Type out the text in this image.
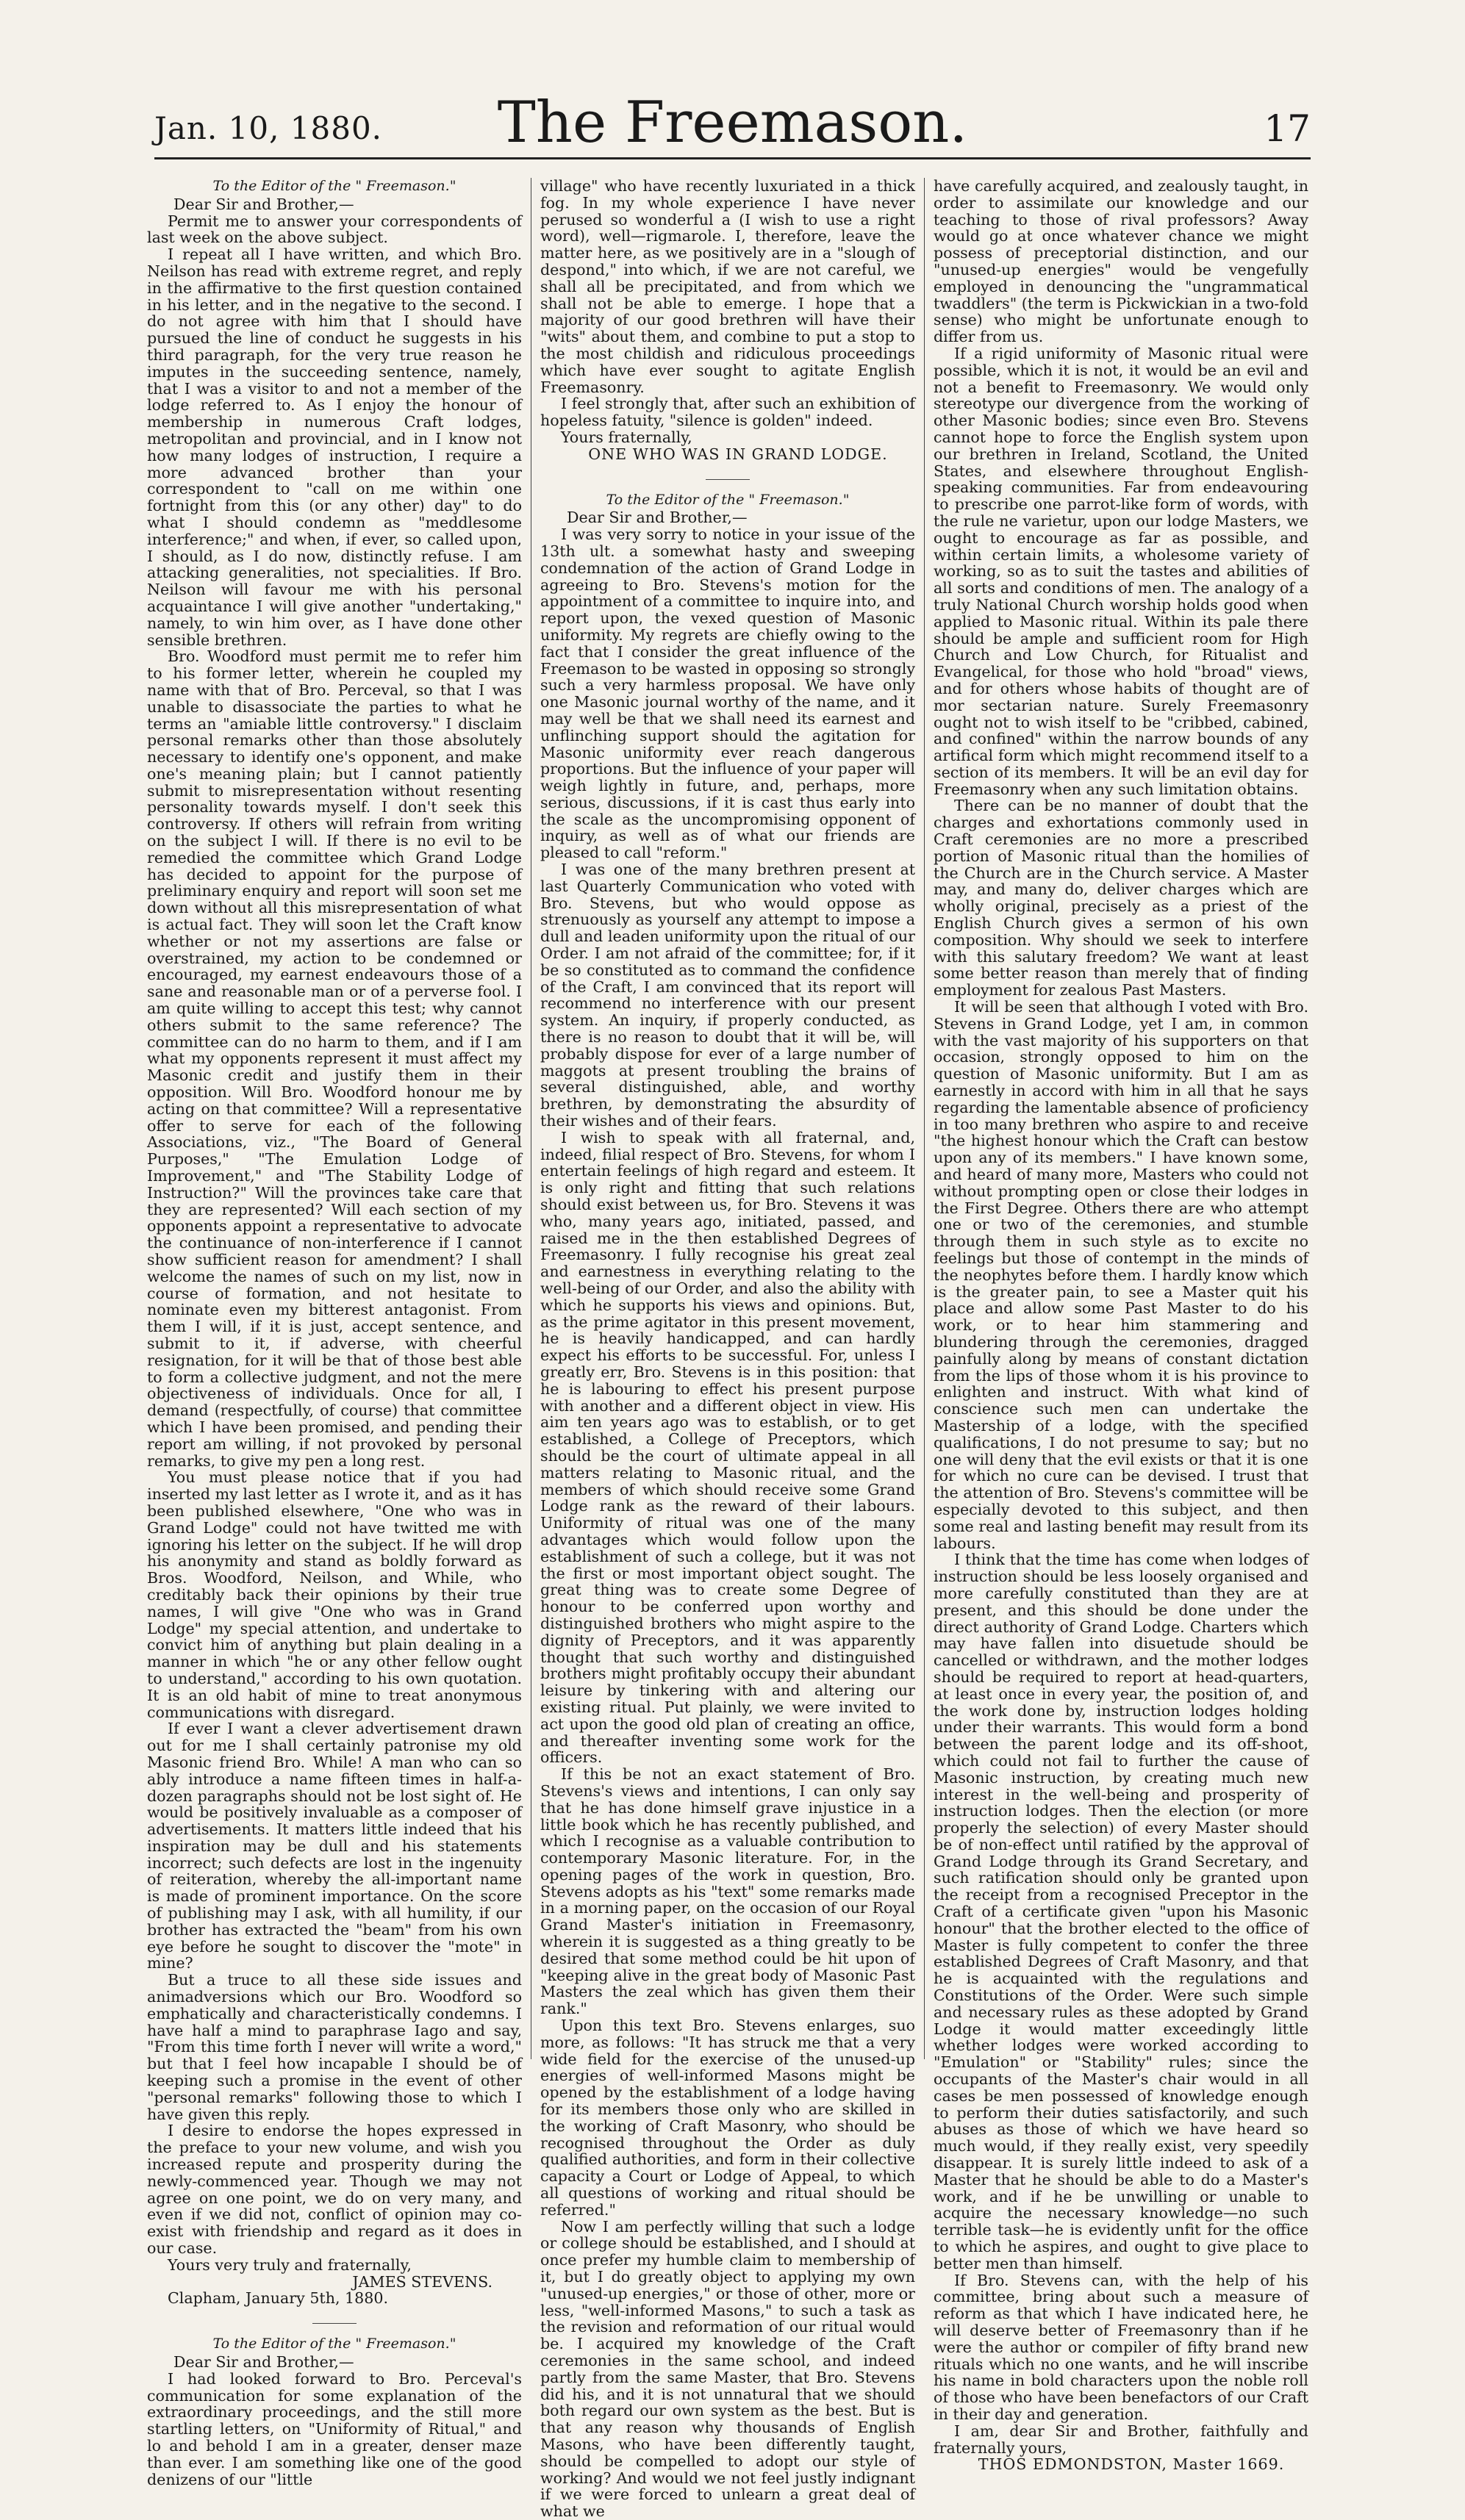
Jan. 10, 1880.	The Freemason.	17
To the Editor of the " Freemason."
Dear Sir and Brother,—

Permit me to answer your correspondents of last week on the above subject.

I repeat all I have written, and which Bro. Neilson has read with extreme regret, and reply in the affirmative to the first question contained in his letter, and in the negative to the second. I do not agree with him that I should have pursued the line of conduct he suggests in his third paragraph, for the very true reason he imputes in the succeeding sentence, namely, that I was a visitor to and not a member of the lodge referred to. As I enjoy the honour of membership in numerous Craft lodges, metropolitan and provincial, and in I know not how many lodges of instruction, I require a more advanced brother than your correspondent to "call on me within one fortnight from this (or any other) day" to do what I should condemn as "meddlesome interference;" and when, if ever, so called upon, I should, as I do now, distinctly refuse. I am attacking generalities, not specialities. If Bro. Neilson will favour me with his personal acquaintance I will give another "undertaking," namely, to win him over, as I have done other sensible brethren.

Bro. Woodford must permit me to refer him to his former letter, wherein he coupled my name with that of Bro. Perceval, so that I was unable to disassociate the parties to what he terms an "amiable little controversy." I disclaim personal remarks other than those absolutely necessary to identify one's opponent, and make one's meaning plain; but I cannot patiently submit to misrepresentation without resenting personality towards myself. I don't seek this controversy. If others will refrain from writing on the subject I will. If there is no evil to be remedied the committee which Grand Lodge has decided to appoint for the purpose of preliminary enquiry and report will soon set me down without all this misrepresentation of what is actual fact. They will soon let the Craft know whether or not my assertions are false or overstrained, my action to be condemned or encouraged, my earnest endeavours those of a sane and reasonable man or of a perverse fool. I am quite willing to accept this test; why cannot others submit to the same reference? The committee can do no harm to them, and if I am what my opponents represent it must affect my Masonic credit and justify them in their opposition. Will Bro. Woodford honour me by acting on that committee? Will a representative offer to serve for each of the following Associations, viz., "The Board of General Purposes," "The Emulation Lodge of Improvement," and "The Stability Lodge of Instruction?" Will the provinces take care that they are represented? Will each section of my opponents appoint a representative to advocate the continuance of non-interference if I cannot show sufficient reason for amendment? I shall welcome the names of such on my list, now in course of formation, and not hesitate to nominate even my bitterest antagonist. From them I will, if it is just, accept sentence, and submit to it, if adverse, with cheerful resignation, for it will be that of those best able to form a collective judgment, and not the mere objectiveness of individuals. Once for all, I demand (respectfully, of course) that committee which I have been promised, and pending their report am willing, if not provoked by personal remarks, to give my pen a long rest.

You must please notice that if you had inserted my last letter as I wrote it, and as it has been published elsewhere, "One who was in Grand Lodge" could not have twitted me with ignoring his letter on the subject. If he will drop his anonymity and stand as boldly forward as Bros. Woodford, Neilson, and While, who creditably back their opinions by their true names, I will give "One who was in Grand Lodge" my special attention, and undertake to convict him of anything but plain dealing in a manner in which "he or any other fellow ought to understand," according to his own quotation. It is an old habit of mine to treat anonymous communications with disregard.

If ever I want a clever advertisement drawn out for me I shall certainly patronise my old Masonic friend Bro. While! A man who can so ably introduce a name fifteen times in half-a-dozen paragraphs should not be lost sight of. He would be positively invaluable as a composer of advertisements. It matters little indeed that his inspiration may be dull and his statements incorrect; such defects are lost in the ingenuity of reiteration, whereby the all-important name is made of prominent importance. On the score of publishing may I ask, with all humility, if our brother has extracted the "beam" from his own eye before he sought to discover the "mote" in mine?

But a truce to all these side issues and animadversions which our Bro. Woodford so emphatically and characteristically condemns. I have half a mind to paraphrase Iago and say, "From this time forth I never will write a word," but that I feel how incapable I should be of keeping such a promise in the event of other "personal remarks" following those to which I have given this reply.

I desire to endorse the hopes expressed in the preface to your new volume, and wish you increased repute and prosperity during the newly-commenced year. Though we may not agree on one point, we do on very many, and even if we did not, conflict of opinion may co-exist with friendship and regard as it does in our case.

Yours very truly and fraternally,

JAMES STEVENS.

Clapham, January 5th, 1880.

To the Editor of the " Freemason."
Dear Sir and Brother,—

I had looked forward to Bro. Perceval's communication for some explanation of the extraordinary proceedings, and the still more startling letters, on "Uniformity of Ritual," and lo and behold I am in a greater, denser maze than ever. I am something like one of the good denizens of our "little

village" who have recently luxuriated in a thick fog. In my whole experience I have never perused so wonderful a (I wish to use a right word), well—rigmarole. I, therefore, leave the matter here, as we positively are in a "slough of despond," into which, if we are not careful, we shall all be precipitated, and from which we shall not be able to emerge. I hope that a majority of our good brethren will have their "wits" about them, and combine to put a stop to the most childish and ridiculous proceedings which have ever sought to agitate English Freemasonry.

I feel strongly that, after such an exhibition of hopeless fatuity, "silence is golden" indeed.

Yours fraternally,

ONE WHO WAS IN GRAND LODGE.

To the Editor of the " Freemason."
Dear Sir and Brother,—

I was very sorry to notice in your issue of the 13th ult. a somewhat hasty and sweeping condemnation of the action of Grand Lodge in agreeing to Bro. Stevens's motion for the appointment of a committee to inquire into, and report upon, the vexed question of Masonic uniformity. My regrets are chiefly owing to the fact that I consider the great influence of the Freemason to be wasted in opposing so strongly such a very harmless proposal. We have only one Masonic journal worthy of the name, and it may well be that we shall need its earnest and unflinching support should the agitation for Masonic uniformity ever reach dangerous proportions. But the influence of your paper will weigh lightly in future, and, perhaps, more serious, discussions, if it is cast thus early into the scale as the uncompromising opponent of inquiry, as well as of what our friends are pleased to call "reform."

I was one of the many brethren present at last Quarterly Communication who voted with Bro. Stevens, but who would oppose as strenuously as yourself any attempt to impose a dull and leaden uniformity upon the ritual of our Order. I am not afraid of the committee; for, if it be so constituted as to command the confidence of the Craft, I am convinced that its report will recommend no interference with our present system. An inquiry, if properly conducted, as there is no reason to doubt that it will be, will probably dispose for ever of a large number of maggots at present troubling the brains of several distinguished, able, and worthy brethren, by demonstrating the absurdity of their wishes and of their fears.

I wish to speak with all fraternal, and, indeed, filial respect of Bro. Stevens, for whom I entertain feelings of high regard and esteem. It is only right and fitting that such relations should exist between us, for Bro. Stevens it was who, many years ago, initiated, passed, and raised me in the then established Degrees of Freemasonry. I fully recognise his great zeal and earnestness in everything relating to the well-being of our Order, and also the ability with which he supports his views and opinions. But, as the prime agitator in this present movement, he is heavily handicapped, and can hardly expect his efforts to be successful. For, unless I greatly err, Bro. Stevens is in this position: that he is labouring to effect his present purpose with another and a different object in view. His aim ten years ago was to establish, or to get established, a College of Preceptors, which should be the court of ultimate appeal in all matters relating to Masonic ritual, and the members of which should receive some Grand Lodge rank as the reward of their labours. Uniformity of ritual was one of the many advantages which would follow upon the establishment of such a college, but it was not the first or most important object sought. The great thing was to create some Degree of honour to be conferred upon worthy and distinguished brothers who might aspire to the dignity of Preceptors, and it was apparently thought that such worthy and distinguished brothers might profitably occupy their abundant leisure by tinkering with and altering our existing ritual. Put plainly, we were invited to act upon the good old plan of creating an office, and thereafter inventing some work for the officers.

If this be not an exact statement of Bro. Stevens's views and intentions, I can only say that he has done himself grave injustice in a little book which he has recently published, and which I recognise as a valuable contribution to contemporary Masonic literature. For, in the opening pages of the work in question, Bro. Stevens adopts as his "text" some remarks made in a morning paper, on the occasion of our Royal Grand Master's initiation in Freemasonry, wherein it is suggested as a thing greatly to be desired that some method could be hit upon of "keeping alive in the great body of Masonic Past Masters the zeal which has given them their rank."

Upon this text Bro. Stevens enlarges, suo more, as follows: "It has struck me that a very wide field for the exercise of the unused-up energies of well-informed Masons might be opened by the establishment of a lodge having for its members those only who are skilled in the working of Craft Masonry, who should be recognised throughout the Order as duly qualified authorities, and form in their collective capacity a Court or Lodge of Appeal, to which all questions of working and ritual should be referred."

Now I am perfectly willing that such a lodge or college should be established, and I should at once prefer my humble claim to membership of it, but I do greatly object to applying my own "unused-up energies," or those of other, more or less, "well-informed Masons," to such a task as the revision and reformation of our ritual would be. I acquired my knowledge of the Craft ceremonies in the same school, and indeed partly from the same Master, that Bro. Stevens did his, and it is not unnatural that we should both regard our own system as the best. But is that any reason why thousands of English Masons, who have been differently taught, should be compelled to adopt our style of working? And would we not feel justly indignant if we were forced to unlearn a great deal of what we

have carefully acquired, and zealously taught, in order to assimilate our knowledge and our teaching to those of rival professors? Away would go at once whatever chance we might possess of preceptorial distinction, and our "unused-up energies" would be vengefully employed in denouncing the "ungrammatical twaddlers" (the term is Pickwickian in a two-fold sense) who might be unfortunate enough to differ from us.

If a rigid uniformity of Masonic ritual were possible, which it is not, it would be an evil and not a benefit to Freemasonry. We would only stereotype our divergence from the working of other Masonic bodies; since even Bro. Stevens cannot hope to force the English system upon our brethren in Ireland, Scotland, the United States, and elsewhere throughout English-speaking communities. Far from endeavouring to prescribe one parrot-like form of words, with the rule ne varietur, upon our lodge Masters, we ought to encourage as far as possible, and within certain limits, a wholesome variety of working, so as to suit the tastes and abilities of all sorts and conditions of men. The analogy of a truly National Church worship holds good when applied to Masonic ritual. Within its pale there should be ample and sufficient room for High Church and Low Church, for Ritualist and Evangelical, for those who hold "broad" views, and for others whose habits of thought are of mor sectarian nature. Surely Freemasonry ought not to wish itself to be "cribbed, cabined, and confined" within the narrow bounds of any artifical form which might recommend itself to a section of its members. It will be an evil day for Freemasonry when any such limitation obtains.

There can be no manner of doubt that the charges and exhortations commonly used in Craft ceremonies are no more a prescribed portion of Masonic ritual than the homilies of the Church are in the Church service. A Master may, and many do, deliver charges which are wholly original, precisely as a priest of the English Church gives a sermon of his own composition. Why should we seek to interfere with this salutary freedom? We want at least some better reason than merely that of finding employment for zealous Past Masters.

It will be seen that although I voted with Bro. Stevens in Grand Lodge, yet I am, in common with the vast majority of his supporters on that occasion, strongly opposed to him on the question of Masonic uniformity. But I am as earnestly in accord with him in all that he says regarding the lamentable absence of proficiency in too many brethren who aspire to and receive "the highest honour which the Craft can bestow upon any of its members." I have known some, and heard of many more, Masters who could not without prompting open or close their lodges in the First Degree. Others there are who attempt one or two of the ceremonies, and stumble through them in such style as to excite no feelings but those of contempt in the minds of the neophytes before them. I hardly know which is the greater pain, to see a Master quit his place and allow some Past Master to do his work, or to hear him stammering and blundering through the ceremonies, dragged painfully along by means of constant dictation from the lips of those whom it is his province to enlighten and instruct. With what kind of conscience such men can undertake the Mastership of a lodge, with the specified qualifications, I do not presume to say; but no one will deny that the evil exists or that it is one for which no cure can be devised. I trust that the attention of Bro. Stevens's committee will be especially devoted to this subject, and then some real and lasting benefit may result from its labours.

I think that the time has come when lodges of instruction should be less loosely organised and more carefully constituted than they are at present, and this should be done under the direct authority of Grand Lodge. Charters which may have fallen into disuetude should be cancelled or withdrawn, and the mother lodges should be required to report at head-quarters, at least once in every year, the position of, and the work done by, instruction lodges holding under their warrants. This would form a bond between the parent lodge and its off-shoot, which could not fail to further the cause of Masonic instruction, by creating much new interest in the well-being and prosperity of instruction lodges. Then the election (or more properly the selection) of every Master should be of non-effect until ratified by the approval of Grand Lodge through its Grand Secretary, and such ratification should only be granted upon the receipt from a recognised Preceptor in the Craft of a certificate given "upon his Masonic honour" that the brother elected to the office of Master is fully competent to confer the three established Degrees of Craft Masonry, and that he is acquainted with the regulations and Constitutions of the Order. Were such simple and necessary rules as these adopted by Grand Lodge it would matter exceedingly little whether lodges were worked according to "Emulation" or "Stability" rules; since the occupants of the Master's chair would in all cases be men possessed of knowledge enough to perform their duties satisfactorily, and such abuses as those of which we have heard so much would, if they really exist, very speedily disappear. It is surely little indeed to ask of a Master that he should be able to do a Master's work, and if he be unwilling or unable to acquire the necessary knowledge—no such terrible task—he is evidently unfit for the office to which he aspires, and ought to give place to better men than himself.

If Bro. Stevens can, with the help of his committee, bring about such a measure of reform as that which I have indicated here, he will deserve better of Freemasonry than if he were the author or compiler of fifty brand new rituals which no one wants, and he will inscribe his name in bold characters upon the noble roll of those who have been benefactors of our Craft in their day and generation.

I am, dear Sir and Brother, faithfully and fraternally yours,

THOS EDMONDSTON, Master 1669.
